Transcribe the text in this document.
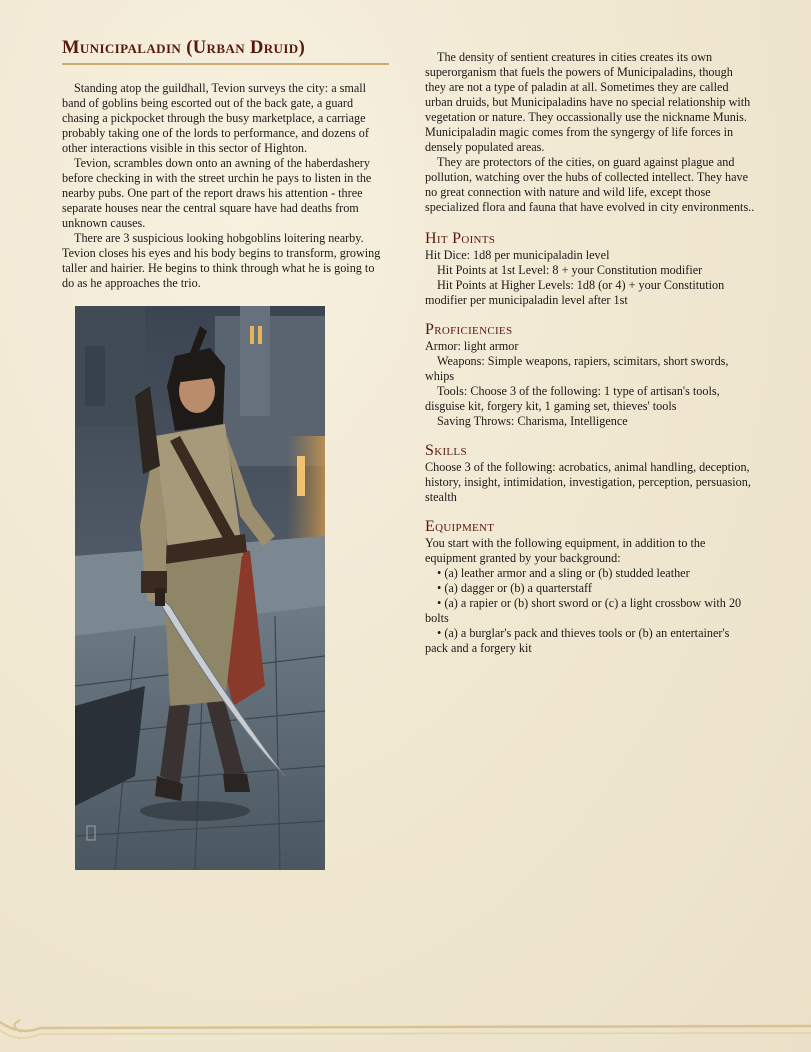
Municipaladin (Urban Druid)

Standing atop the guildhall, Tevion surveys the city: a small band of goblins being escorted out of the back gate, a guard chasing a pickpocket through the busy marketplace, a carriage probably taking one of the lords to performance, and dozens of other interactions visible in this sector of Highton.

Tevion, scrambles down onto an awning of the haberdashery before checking in with the street urchin he pays to listen in the nearby pubs. One part of the report draws his attention - three separate houses near the central square have had deaths from unknown causes.

There are 3 suspicious looking hobgoblins loitering nearby. Tevion closes his eyes and his body begins to transform, growing taller and hairier. He begins to think through what he is going to do as he approaches the trio.

The density of sentient creatures in cities creates its own superorganism that fuels the powers of Municipaladins, though they are not a type of paladin at all. Sometimes they are called urban druids, but Municipaladins have no special relationship with vegetation or nature. They occassionally use the nickname Munis. Municipaladin magic comes from the syngergy of life forces in densely populated areas.

They are protectors of the cities, on guard against plague and pollution, watching over the hubs of collected intellect. They have no great connection with nature and wild life, except those specialized flora and fauna that have evolved in city environments..

Hit Points

Hit Dice: 1d8 per municipaladin level

Hit Points at 1st Level: 8 + your Constitution modifier

Hit Points at Higher Levels: 1d8 (or 4) + your Constitution modifier per municipaladin level after 1st

Proficiencies

Armor: light armor

Weapons: Simple weapons, rapiers, scimitars, short swords, whips

Tools: Choose 3 of the following: 1 type of artisan's tools, disguise kit, forgery kit, 1 gaming set, thieves' tools

Saving Throws: Charisma, Intelligence

Skills

Choose 3 of the following: acrobatics, animal handling, deception, history, insight, intimidation, investigation, perception, persuasion, stealth

Equipment

You start with the following equipment, in addition to the equipment granted by your background:

• (a) leather armor and a sling or (b) studded leather
• (a) dagger or (b) a quarterstaff
• (a) a rapier or (b) short sword or (c) a light crossbow with 20 bolts
• (a) a burglar's pack and thieves tools or (b) an entertainer's pack and a forgery kit
